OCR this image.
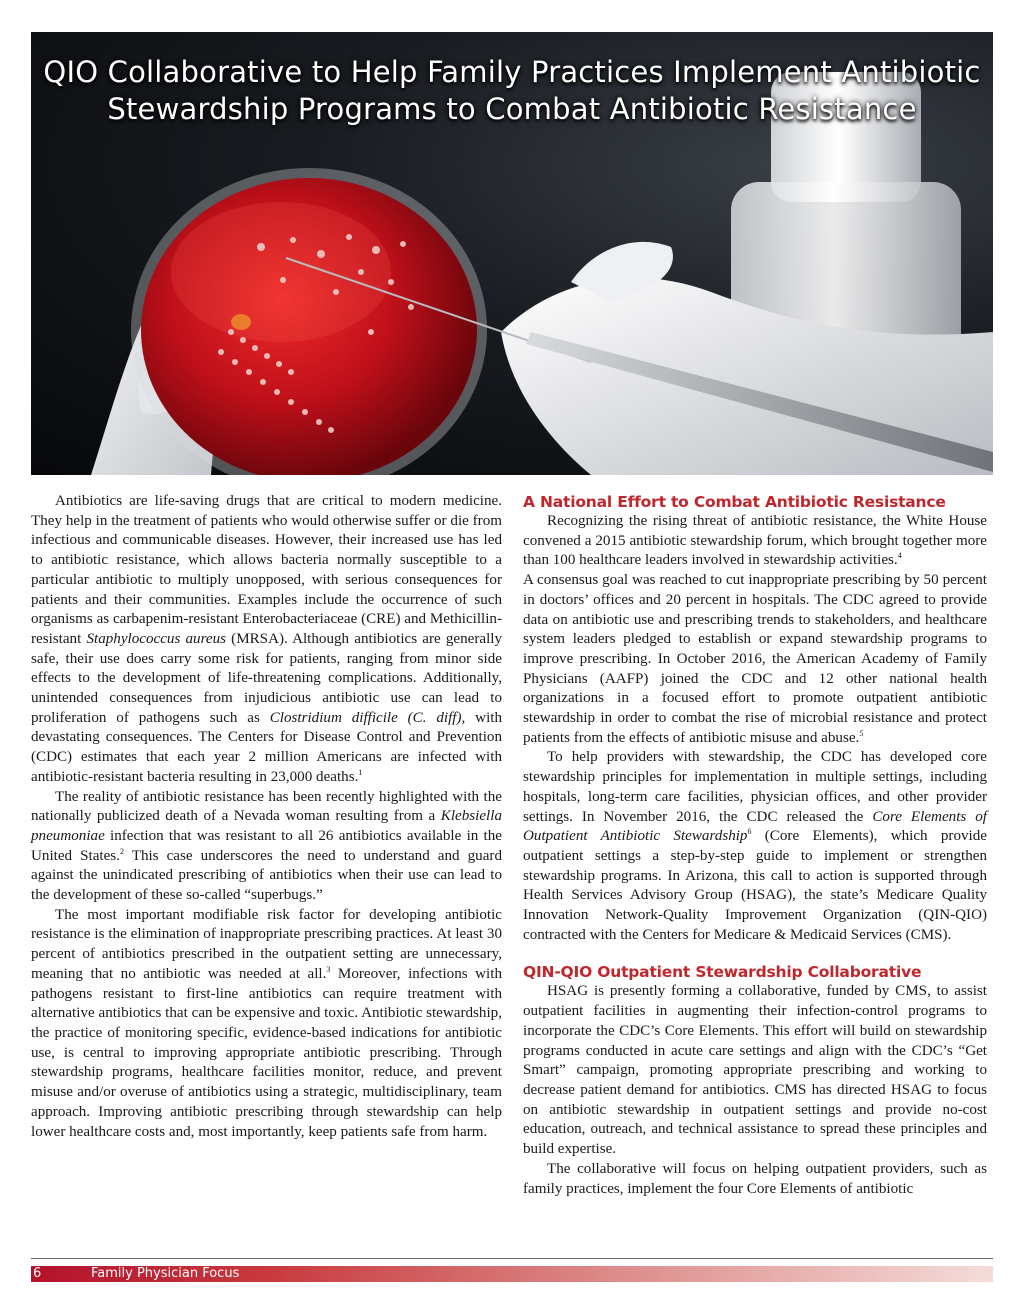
QIO Collaborative to Help Family Practices Implement Antibiotic
Stewardship Programs to Combat Antibiotic Resistance

Antibiotics are life-saving drugs that are critical to modern medicine. They help in the treatment of patients who would otherwise suffer or die from infectious and communicable diseases. However, their increased use has led to antibiotic resistance, which allows bacteria normally susceptible to a particular antibiotic to multiply unopposed, with serious consequences for patients and their communities. Examples include the occurrence of such organisms as carbapenim-resistant Enterobacteriaceae (CRE) and Methicillin-resistant Staphylococcus aureus (MRSA). Although antibiotics are generally safe, their use does carry some risk for patients, ranging from minor side effects to the development of life-threatening complications. Additionally, unintended consequences from injudicious antibiotic use can lead to proliferation of pathogens such as Clostridium difficile (C. diff), with devastating consequences. The Centers for Disease Control and Prevention (CDC) estimates that each year 2 million Americans are infected with antibiotic-resistant bacteria resulting in 23,000 deaths.$^1$

The reality of antibiotic resistance has been recently highlighted with the nationally publicized death of a Nevada woman resulting from a Klebsiella pneumoniae infection that was resistant to all 26 antibiotics available in the United States.$^2$ This case underscores the need to understand and guard against the unindicated prescribing of antibiotics when their use can lead to the development of these so-called “superbugs.”

The most important modifiable risk factor for developing antibiotic resistance is the elimination of inappropriate prescribing practices. At least 30 percent of antibiotics prescribed in the outpatient setting are unnecessary, meaning that no antibiotic was needed at all.$^3$ Moreover, infections with pathogens resistant to first-line antibiotics can require treatment with alternative antibiotics that can be expensive and toxic. Antibiotic stewardship, the practice of monitoring specific, evidence-based indications for antibiotic use, is central to improving appropriate antibiotic prescribing. Through stewardship programs, healthcare facilities monitor, reduce, and prevent misuse and/or overuse of antibiotics using a strategic, multidisciplinary, team approach. Improving antibiotic prescribing through stewardship can help lower healthcare costs and, most importantly, keep patients safe from harm.

A National Effort to Combat Antibiotic Resistance

Recognizing the rising threat of antibiotic resistance, the White House convened a 2015 antibiotic stewardship forum, which brought together more than 100 healthcare leaders involved in stewardship activities.$^4$

A consensus goal was reached to cut inappropriate prescribing by 50 percent in doctors’ offices and 20 percent in hospitals. The CDC agreed to provide data on antibiotic use and prescribing trends to stakeholders, and healthcare system leaders pledged to establish or expand stewardship programs to improve prescribing. In October 2016, the American Academy of Family Physicians (AAFP) joined the CDC and 12 other national health organizations in a focused effort to promote outpatient antibiotic stewardship in order to combat the rise of microbial resistance and protect patients from the effects of antibiotic misuse and abuse.$^5$

To help providers with stewardship, the CDC has developed core stewardship principles for implementation in multiple settings, including hospitals, long-term care facilities, physician offices, and other provider settings. In November 2016, the CDC released the Core Elements of Outpatient Antibiotic Stewardship$^6$ (Core Elements), which provide outpatient settings a step-by-step guide to implement or strengthen stewardship programs. In Arizona, this call to action is supported through Health Services Advisory Group (HSAG), the state’s Medicare Quality Innovation Network-Quality Improvement Organization (QIN-QIO) contracted with the Centers for Medicare & Medicaid Services (CMS).

QIN-QIO Outpatient Stewardship Collaborative

HSAG is presently forming a collaborative, funded by CMS, to assist outpatient facilities in augmenting their infection-control programs to incorporate the CDC’s Core Elements. This effort will build on stewardship programs conducted in acute care settings and align with the CDC’s “Get Smart” campaign, promoting appropriate prescribing and working to decrease patient demand for antibiotics. CMS has directed HSAG to focus on antibiotic stewardship in outpatient settings and provide no-cost education, outreach, and technical assistance to spread these principles and build expertise.

The collaborative will focus on helping outpatient providers, such as family practices, implement the four Core Elements of antibiotic

6	Family Physician Focus
